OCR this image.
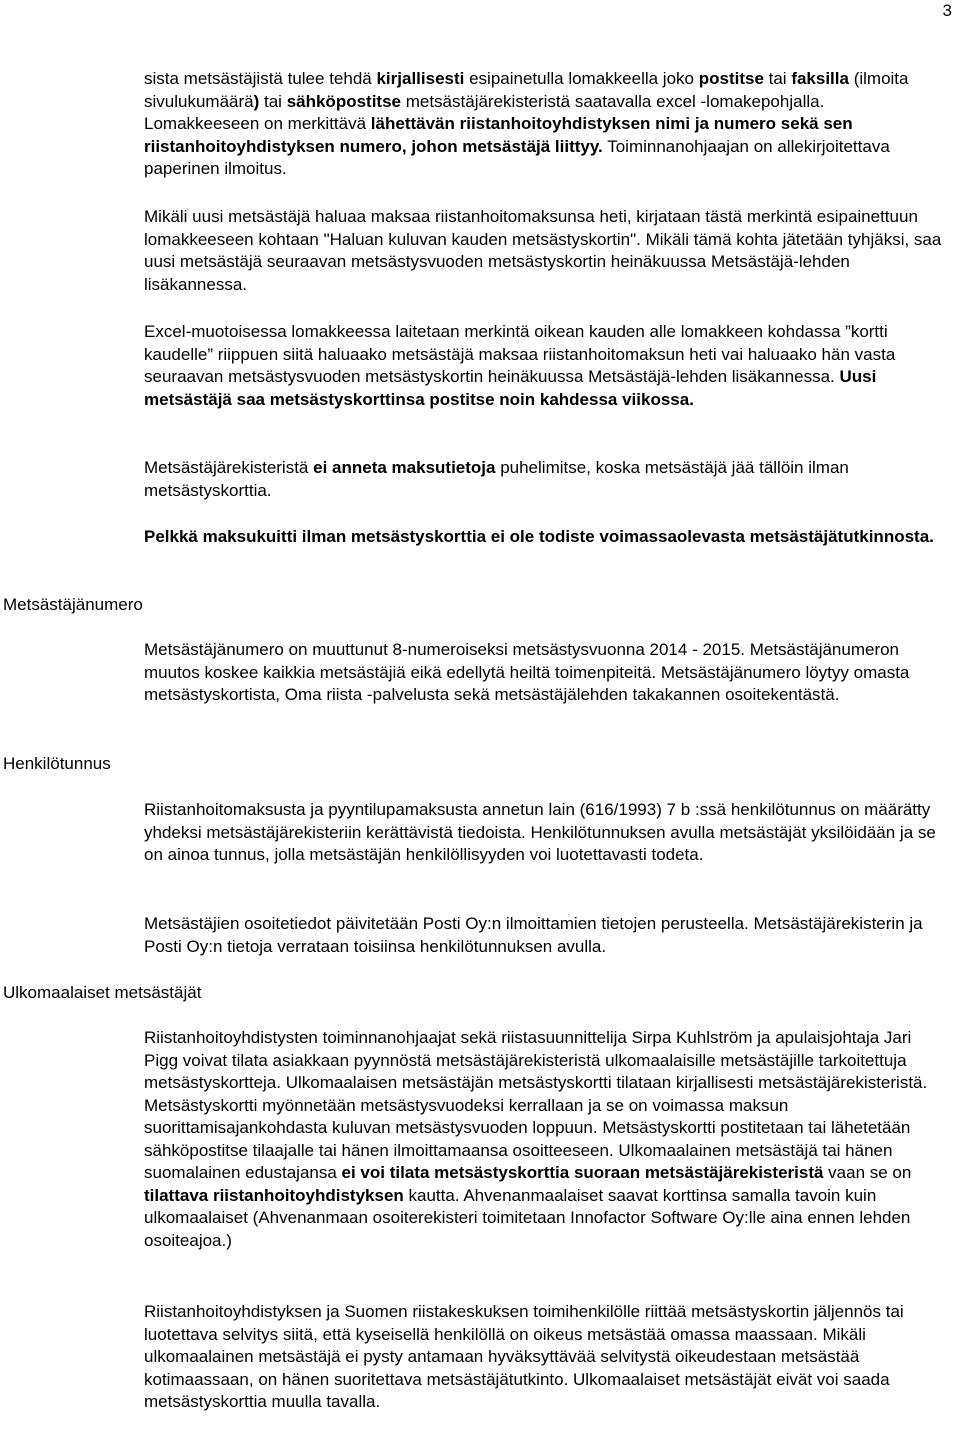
3
Metsästäjänumero
Henkilötunnus
Ulkomaalaiset metsästäjät

sista metsästäjistä tulee tehdä kirjallisesti esipainetulla lomakkeella joko postitse tai faksilla (ilmoita sivulukumäärä) tai sähköpostitse metsästäjärekisteristä saatavalla excel -lomakepohjalla. Lomakkeeseen on merkittävä lähettävän riistanhoitoyhdistyksen nimi ja numero sekä sen riistanhoitoyhdistyksen numero, johon metsästäjä liittyy. Toiminnanohjaajan on allekirjoitettava paperinen ilmoitus.

Mikäli uusi metsästäjä haluaa maksaa riistanhoitomaksunsa heti, kirjataan tästä merkintä esipainettuun lomakkeeseen kohtaan "Haluan kuluvan kauden metsästyskortin". Mikäli tämä kohta jätetään tyhjäksi, saa uusi metsästäjä seuraavan metsästysvuoden metsästyskortin heinäkuussa Metsästäjä-lehden lisäkannessa.

Excel-muotoisessa lomakkeessa laitetaan merkintä oikean kauden alle lomakkeen kohdassa ”kortti kaudelle” riippuen siitä haluaako metsästäjä maksaa riistanhoitomaksun heti vai haluaako hän vasta seuraavan metsästysvuoden metsästyskortin heinäkuussa Metsästäjä-lehden lisäkannessa. Uusi metsästäjä saa metsästyskorttinsa postitse noin kahdessa viikossa.

Metsästäjärekisteristä ei anneta maksutietoja puhelimitse, koska metsästäjä jää tällöin ilman metsästyskorttia.

Pelkkä maksukuitti ilman metsästyskorttia ei ole todiste voimassaolevasta metsästäjätutkinnosta.

Metsästäjänumero on muuttunut 8-numeroiseksi metsästysvuonna 2014 - 2015. Metsästäjänumeron muutos koskee kaikkia metsästäjiä eikä edellytä heiltä toimenpiteitä. Metsästäjänumero löytyy omasta metsästyskortista, Oma riista -palvelusta sekä metsästäjälehden takakannen osoitekentästä.

Riistanhoitomaksusta ja pyyntilupamaksusta annetun lain (616/1993) 7 b :ssä henkilötunnus on määrätty yhdeksi metsästäjärekisteriin kerättävistä tiedoista. Henkilötunnuksen avulla metsästäjät yksilöidään ja se on ainoa tunnus, jolla metsästäjän henkilöllisyyden voi luotettavasti todeta.

Metsästäjien osoitetiedot päivitetään Posti Oy:n ilmoittamien tietojen perusteella. Metsästäjärekisterin ja Posti Oy:n tietoja verrataan toisiinsa henkilötunnuksen avulla.

Riistanhoitoyhdistysten toiminnanohjaajat sekä riistasuunnittelija Sirpa Kuhlström ja apulaisjohtaja Jari Pigg voivat tilata asiakkaan pyynnöstä metsästäjärekisteristä ulkomaalaisille metsästäjille tarkoitettuja metsästyskortteja. Ulkomaalaisen metsästäjän metsästyskortti tilataan kirjallisesti metsästäjärekisteristä. Metsästyskortti myönnetään metsästysvuodeksi kerrallaan ja se on voimassa maksun suorittamisajankohdasta kuluvan metsästysvuoden loppuun. Metsästyskortti postitetaan tai lähetetään sähköpostitse tilaajalle tai hänen ilmoittamaansa osoitteeseen. Ulkomaalainen metsästäjä tai hänen suomalainen edustajansa ei voi tilata metsästyskorttia suoraan metsästäjärekisteristä vaan se on tilattava riistanhoitoyhdistyksen kautta. Ahvenanmaalaiset saavat korttinsa samalla tavoin kuin ulkomaalaiset (Ahvenanmaan osoiterekisteri toimitetaan Innofactor Software Oy:lle aina ennen lehden osoiteajoa.)

Riistanhoitoyhdistyksen ja Suomen riistakeskuksen toimihenkilölle riittää metsästyskortin jäljennös tai luotettava selvitys siitä, että kyseisellä henkilöllä on oikeus metsästää omassa maassaan. Mikäli ulkomaalainen metsästäjä ei pysty antamaan hyväksyttävää selvitystä oikeudestaan metsästää kotimaassaan, on hänen suoritettava metsästäjätutkinto. Ulkomaalaiset metsästäjät eivät voi saada metsästyskorttia muulla tavalla.
